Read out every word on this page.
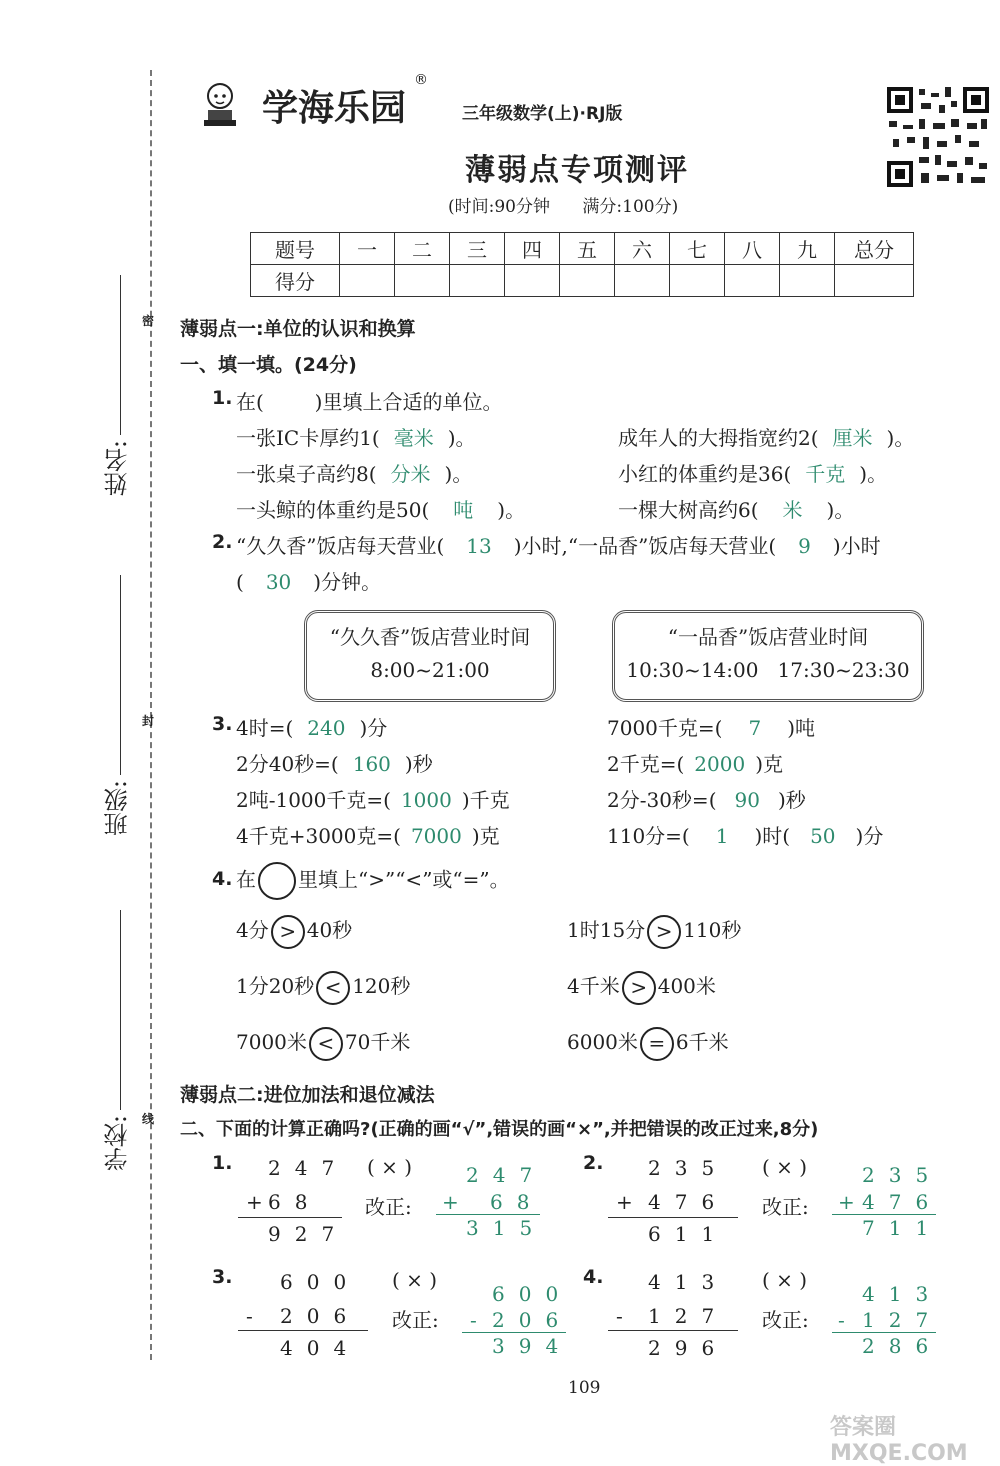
密
封
线
姓名:
班级:
学校:
学海乐园
®
三年级数学(上)·RJ版
薄弱点专项测评
(时间:90分钟      满分:100分)
题号	一	二	三	四	五	六	七	八	九	总分
得分										
薄弱点一:单位的认识和换算
一、填一填。(24分)
1. 在(        )里填上合适的单位。
一张IC卡厚约1( 毫米 )。	成年人的大拇指宽约2( 厘米 )。
一张桌子高约8( 分米 )。	小红的体重约是36( 千克 )。
一头鲸的体重约是50( 吨 )。	一棵大树高约6( 米 )。
2. “久久香”饭店每天营业( 13 )小时,“一品香”饭店每天营业( 9 )小时
( 30 )分钟。
“久久香”饭店营业时间
8:00~21:00
“一品香”饭店营业时间
10:30~14:00   17:30~23:30
3. 4时=( 240 )分	7000千克=( 7 )吨
2分40秒=( 160 )秒	2千克=( 2000 )克
2吨-1000千克=( 1000 )千克	2分-30秒=( 90 )秒
4千克+3000克=( 7000 )克	110分=( 1 )时( 50 )分
4. 在 里填上“>”“<”或“=”。
4分 > 40秒	1时15分 > 110秒
1分20秒 < 120秒	4千米 > 400米
7000米 < 70千米	6000米 = 6千米
薄弱点二:进位加法和退位减法
二、下面的计算正确吗?(正确的画“√”,错误的画“×”,并把错误的改正过来,8分)
1. 247
+ 68
927
( × )
改正:
247
+ 68
315
2. 235
+ 476
611
( × )
改正:
235
+ 476
711
3. 600
- 206
404
( × )
改正:
600
- 206
394
4. 413
- 127
296
( × )
改正:
413
- 127
286
109
答案圈 MXQE.COM
